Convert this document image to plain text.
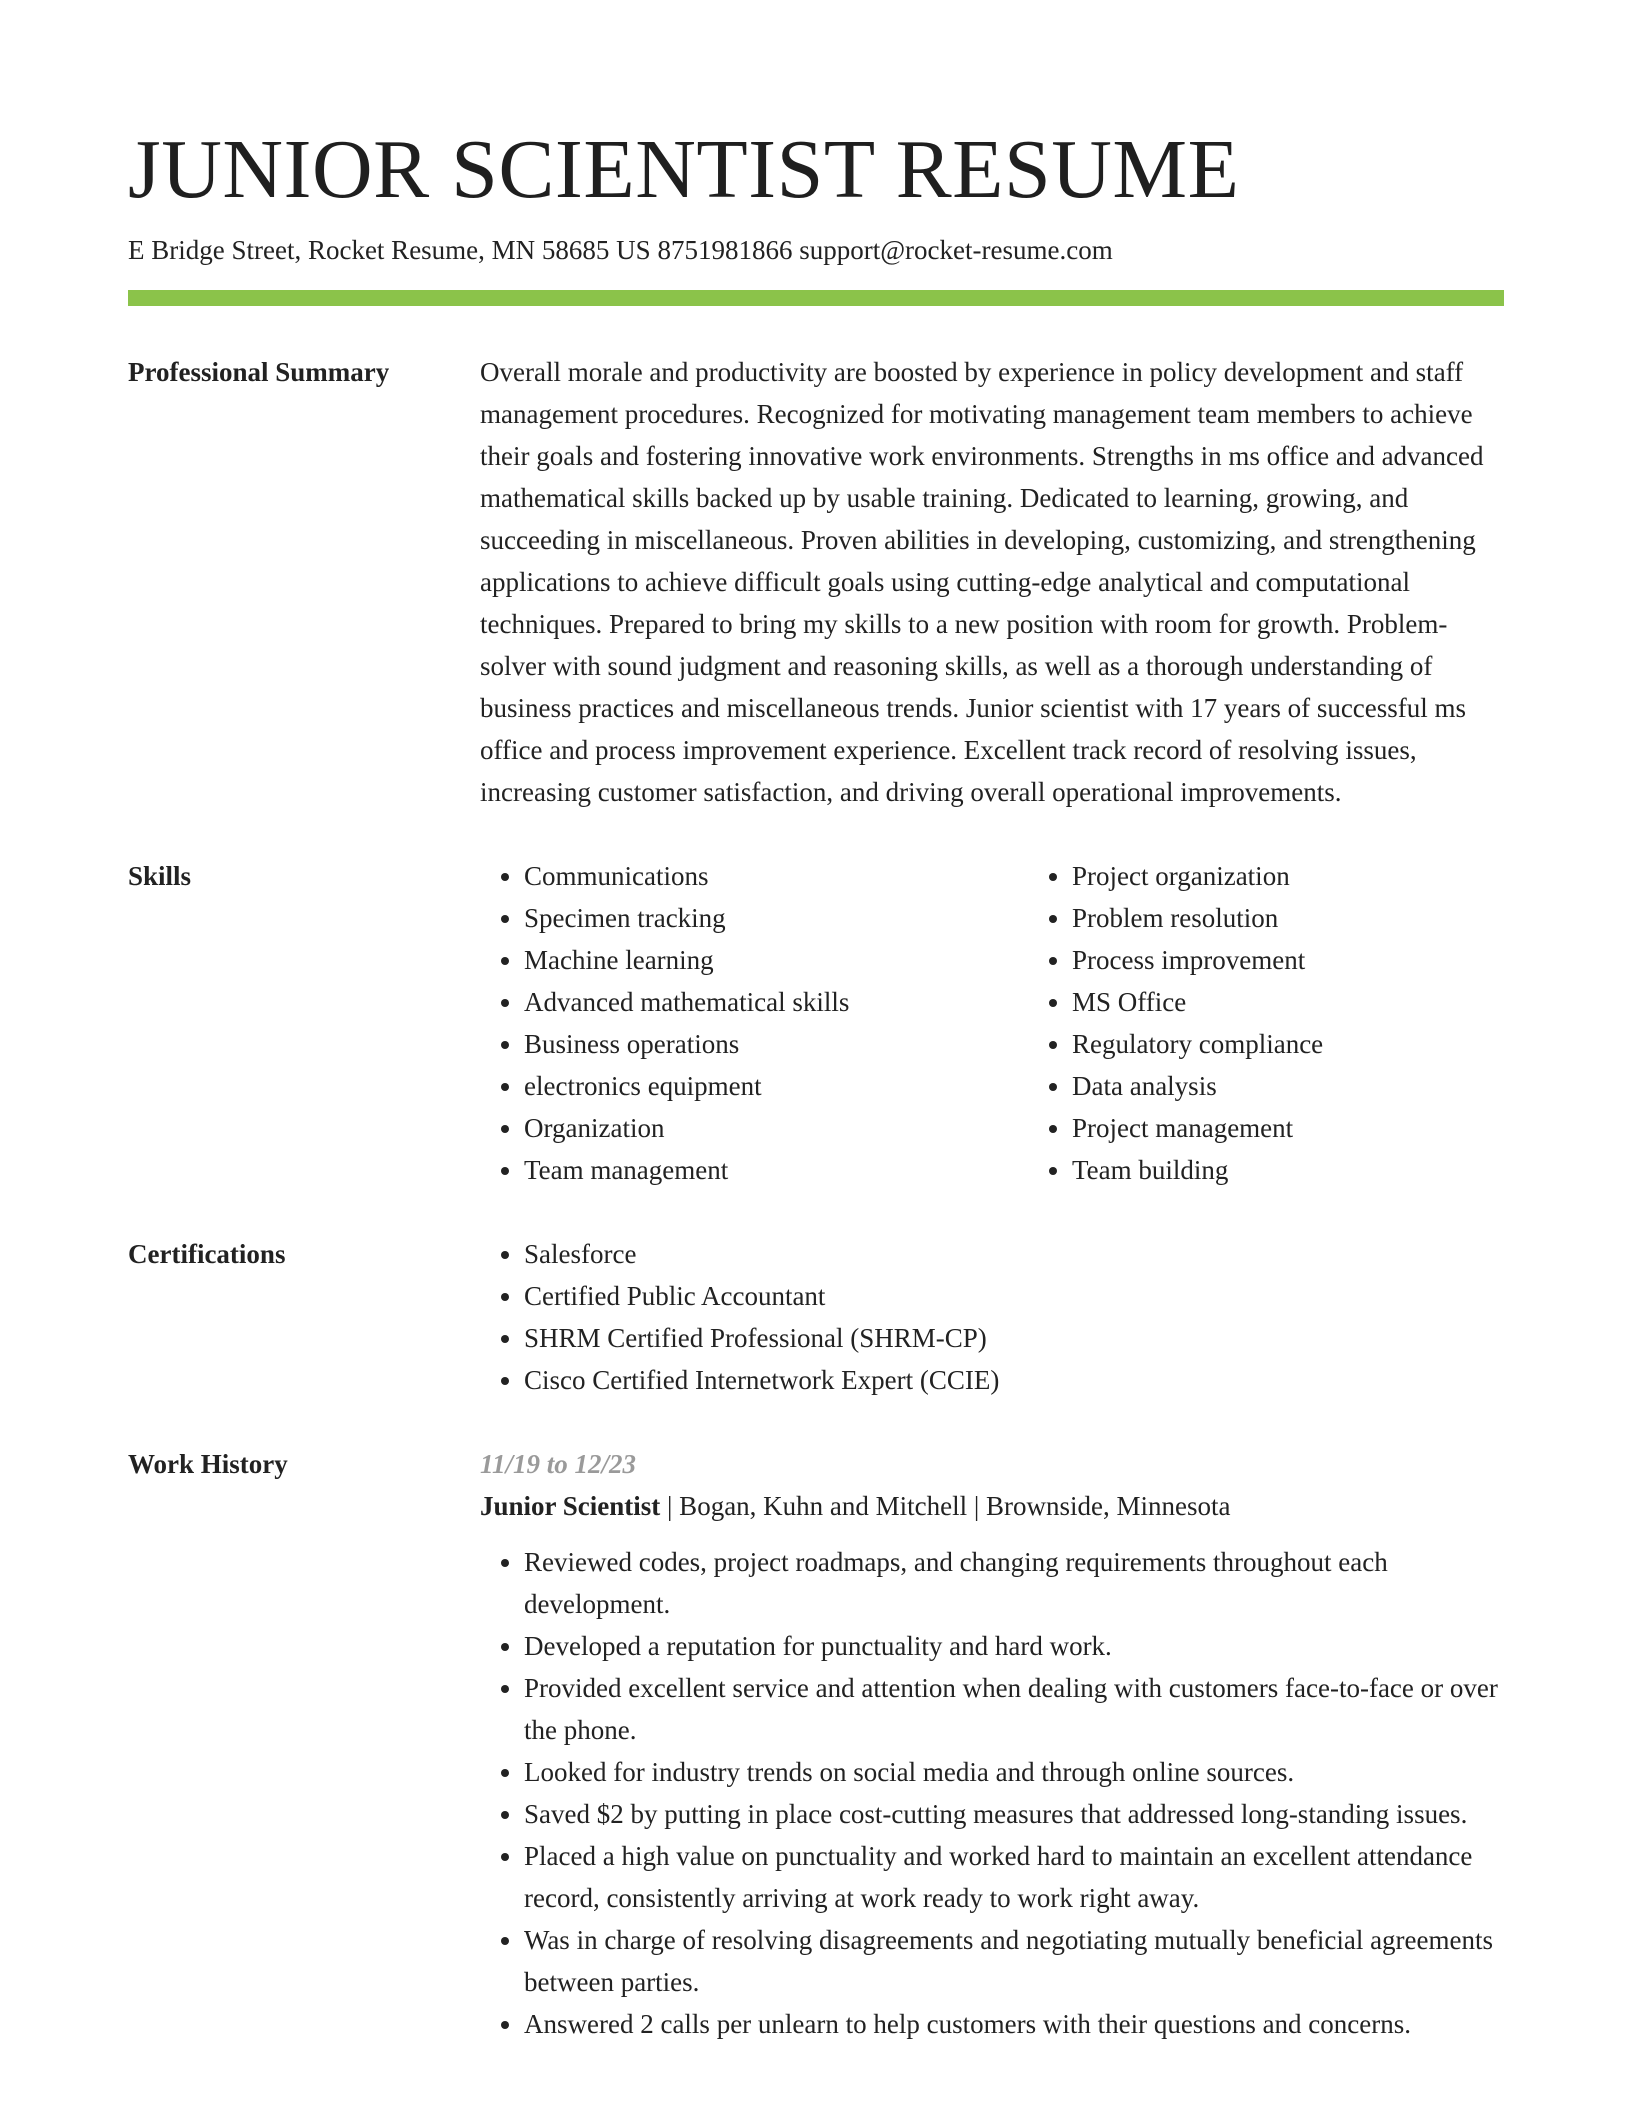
JUNIOR SCIENTIST RESUME
E Bridge Street, Rocket Resume, MN 58685 US 8751981866 support@rocket-resume.com
Professional Summary	Overall morale and productivity are boosted by experience in policy development and staff management procedures. Recognized for motivating management team members to achieve their goals and fostering innovative work environments. Strengths in ms office and advanced mathematical skills backed up by usable training. Dedicated to learning, growing, and succeeding in miscellaneous. Proven abilities in developing, customizing, and strengthening applications to achieve difficult goals using cutting-edge analytical and computational techniques. Prepared to bring my skills to a new position with room for growth. Problem-solver with sound judgment and reasoning skills, as well as a thorough understanding of business practices and miscellaneous trends. Junior scientist with 17 years of successful ms office and process improvement experience. Excellent track record of resolving issues, increasing customer satisfaction, and driving overall operational improvements.

Skills	• Communications
• Specimen tracking
• Machine learning
• Advanced mathematical skills
• Business operations
• electronics equipment
• Organization
• Team management
• Project organization
• Problem resolution
• Process improvement
• MS Office
• Regulatory compliance
• Data analysis
• Project management
• Team building
Certifications	• Salesforce
• Certified Public Accountant
• SHRM Certified Professional (SHRM-CP)
• Cisco Certified Internetwork Expert (CCIE)
Work History	11/19 to 12/23
Junior Scientist | Bogan, Kuhn and Mitchell | Brownside, Minnesota
• Reviewed codes, project roadmaps, and changing requirements throughout each development.
• Developed a reputation for punctuality and hard work.
• Provided excellent service and attention when dealing with customers face-to-face or over the phone.
• Looked for industry trends on social media and through online sources.
• Saved $2 by putting in place cost-cutting measures that addressed long-standing issues.
• Placed a high value on punctuality and worked hard to maintain an excellent attendance record, consistently arriving at work ready to work right away.
• Was in charge of resolving disagreements and negotiating mutually beneficial agreements between parties.
• Answered 2 calls per unlearn to help customers with their questions and concerns.
